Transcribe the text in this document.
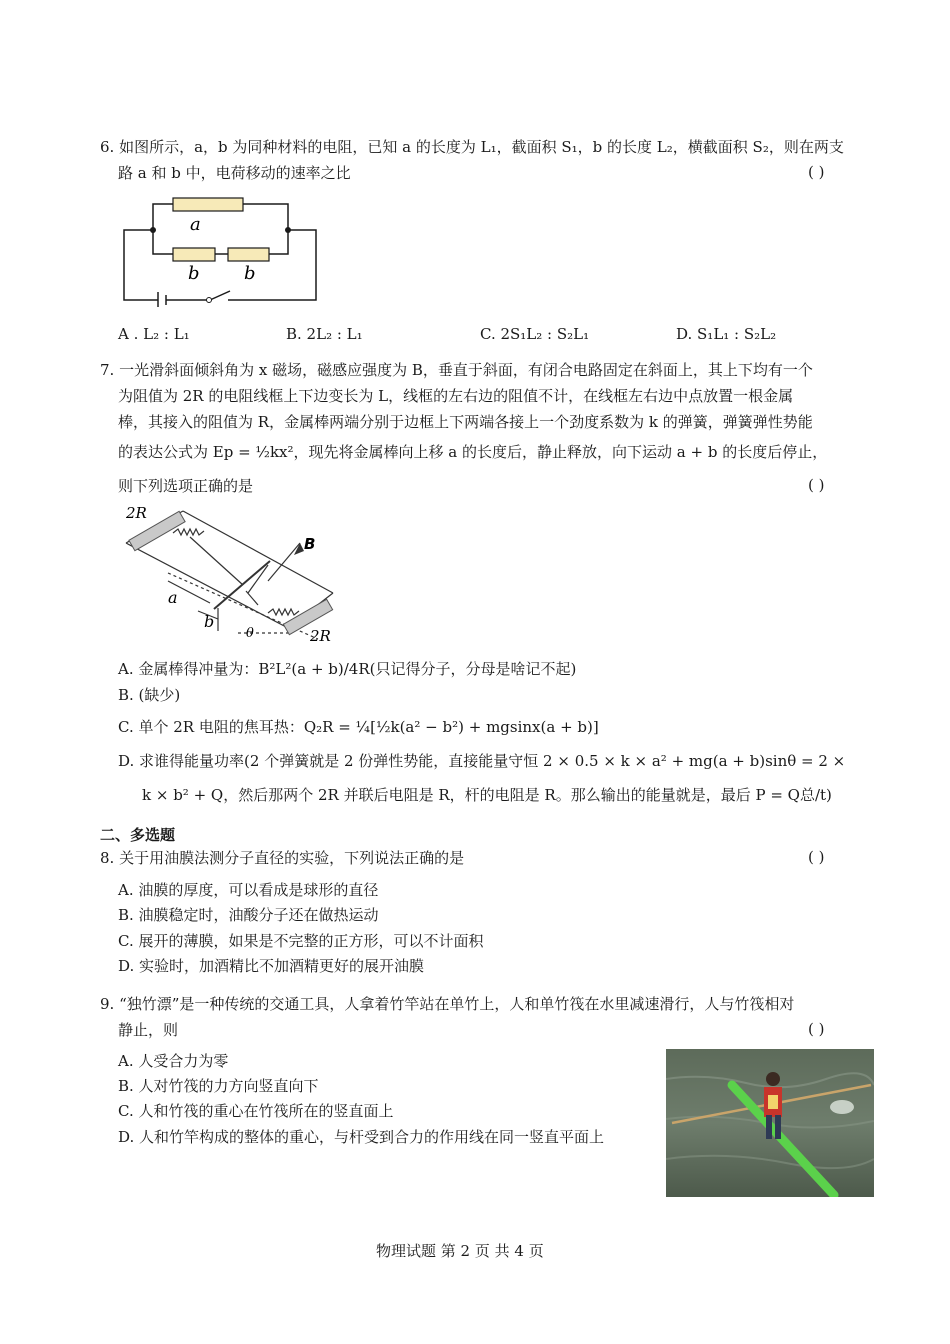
6. 如图所示，a，b 为同种材料的电阻，已知 a 的长度为 L₁，截面积 S₁，b 的长度 L₂，横截面积 S₂，则在两支
路 a 和 b 中，电荷移动的速率之比	( )
a
b b
A . L₂ : L₁	B. 2L₂ : L₁	C. 2S₁L₂ : S₂L₁	D. S₁L₁ : S₂L₂
7. 一光滑斜面倾斜角为 x 磁场，磁感应强度为 B，垂直于斜面，有闭合电路固定在斜面上，其上下均有一个
为阻值为 2R 的电阻线框上下边变长为 L，线框的左右边的阻值不计，在线框左右边中点放置一根金属
棒，其接入的阻值为 R，金属棒两端分别于边框上下两端各接上一个劲度系数为 k 的弹簧，弹簧弹性势能
的表达公式为 Ep = ½kx²，现先将金属棒向上移 a 的长度后，静止释放，向下运动 a + b 的长度后停止，
则下列选项正确的是	( )
2R
2R
B
a
b
θ
A. 金属棒得冲量为：B²L²(a + b)/4R(只记得分子，分母是啥记不起)
B. (缺少)
C. 单个 2R 电阻的焦耳热：Q₂R = ¼[½k(a² − b²) + mgsinx(a + b)]
D. 求谁得能量功率(2 个弹簧就是 2 份弹性势能，直接能量守恒 2 × 0.5 × k × a² + mg(a + b)sinθ = 2 ×
k × b² + Q，然后那两个 2R 并联后电阻是 R，杆的电阻是 R。那么输出的能量就是，最后 P = Q总/t)
二、多选题
8. 关于用油膜法测分子直径的实验，下列说法正确的是	( )
A. 油膜的厚度，可以看成是球形的直径
B. 油膜稳定时，油酸分子还在做热运动
C. 展开的薄膜，如果是不完整的正方形，可以不计面积
D. 实验时，加酒精比不加酒精更好的展开油膜
9. “独竹漂”是一种传统的交通工具，人拿着竹竿站在单竹上，人和单竹筏在水里减速滑行，人与竹筏相对
静止，则	( )
A. 人受合力为零
B. 人对竹筏的力方向竖直向下
C. 人和竹筏的重心在竹筏所在的竖直面上
D. 人和竹竿构成的整体的重心，与杆受到合力的作用线在同一竖直平面上
物理试题 第 2 页 共 4 页
